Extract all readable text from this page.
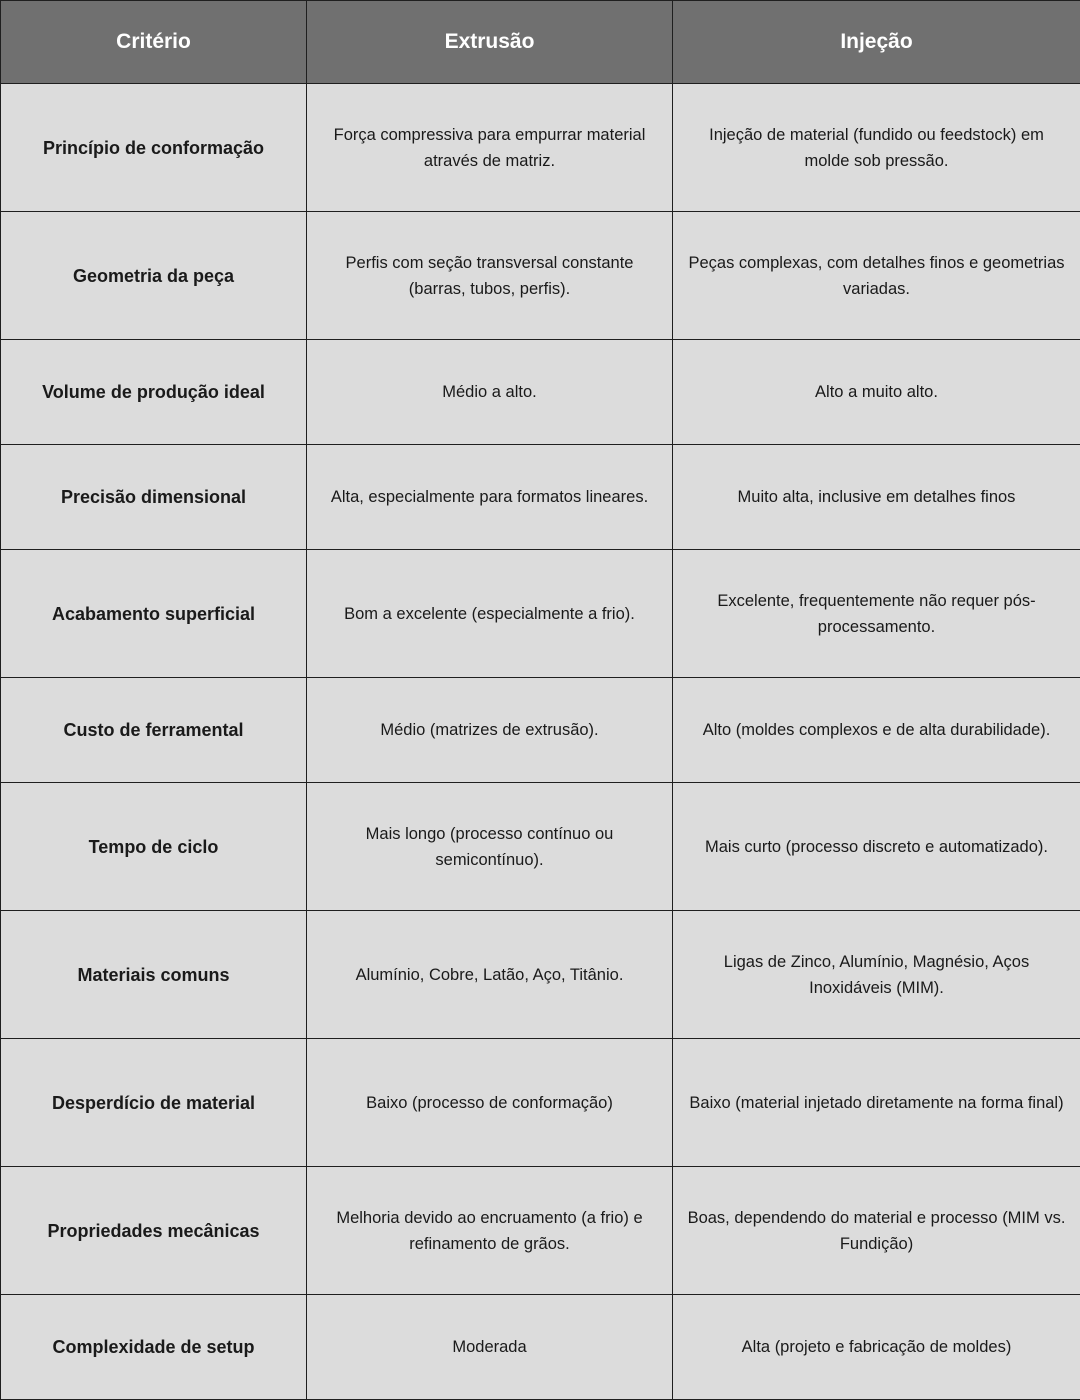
Critério	Extrusão	Injeção
Princípio de conformação	Força compressiva para empurrar material através de matriz.	Injeção de material (fundido ou feedstock) em molde sob pressão.
Geometria da peça	Perfis com seção transversal constante (barras, tubos, perfis).	Peças complexas, com detalhes finos e geometrias variadas.
Volume de produção ideal	Médio a alto.	Alto a muito alto.
Precisão dimensional	Alta, especialmente para formatos lineares.	Muito alta, inclusive em detalhes finos
Acabamento superficial	Bom a excelente (especialmente a frio).	Excelente, frequentemente não requer pós-processamento.
Custo de ferramental	Médio (matrizes de extrusão).	Alto (moldes complexos e de alta durabilidade).
Tempo de ciclo	Mais longo (processo contínuo ou semicontínuo).	Mais curto (processo discreto e automatizado).
Materiais comuns	Alumínio, Cobre, Latão, Aço, Titânio.	Ligas de Zinco, Alumínio, Magnésio, Aços Inoxidáveis (MIM).
Desperdício de material	Baixo (processo de conformação)	Baixo (material injetado diretamente na forma final)
Propriedades mecânicas	Melhoria devido ao encruamento (a frio) e refinamento de grãos.	Boas, dependendo do material e processo (MIM vs. Fundição)
Complexidade de setup	Moderada	Alta (projeto e fabricação de moldes)
